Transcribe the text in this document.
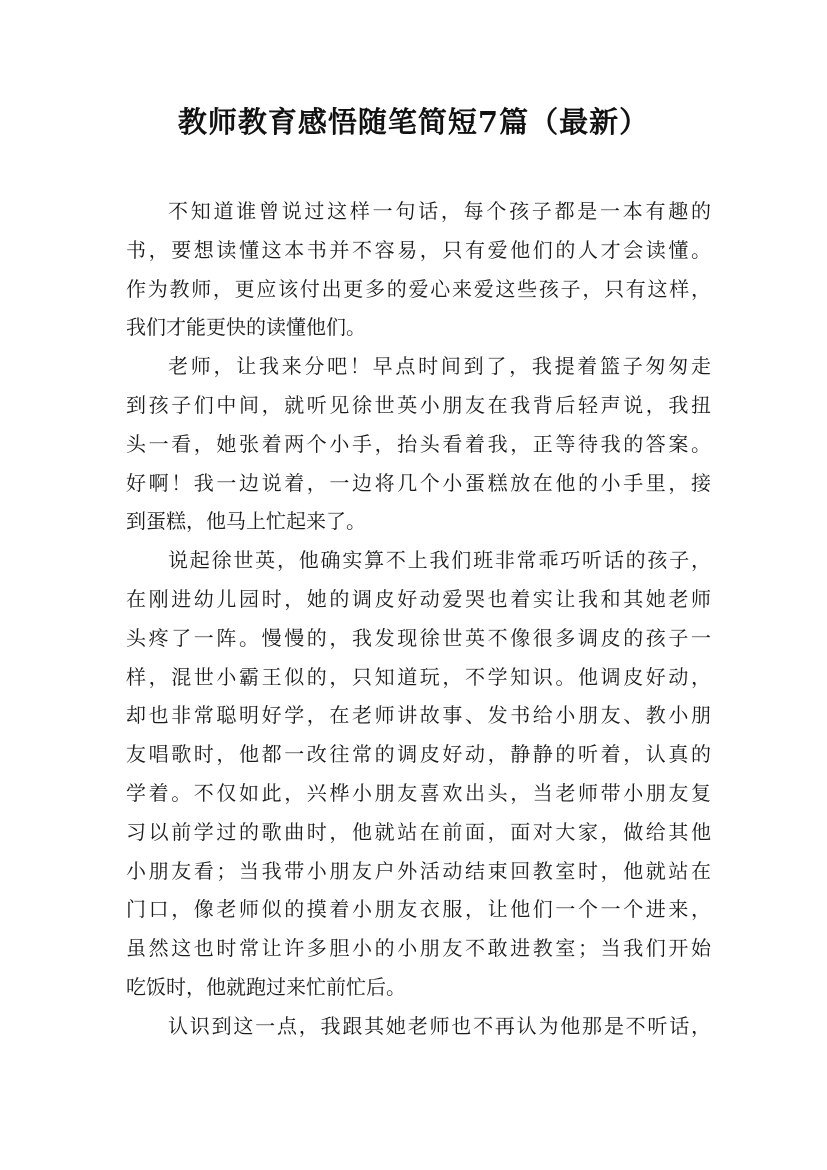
教师教育感悟随笔简短7篇（最新）
不知道谁曾说过这样一句话，每个孩子都是一本有趣的
书，要想读懂这本书并不容易，只有爱他们的人才会读懂。
作为教师，更应该付出更多的爱心来爱这些孩子，只有这样，
我们才能更快的读懂他们。
老师，让我来分吧！早点时间到了，我提着篮子匆匆走
到孩子们中间，就听见徐世英小朋友在我背后轻声说，我扭
头一看，她张着两个小手，抬头看着我，正等待我的答案。
好啊！我一边说着，一边将几个小蛋糕放在他的小手里，接
到蛋糕，他马上忙起来了。
说起徐世英，他确实算不上我们班非常乖巧听话的孩子，
在刚进幼儿园时，她的调皮好动爱哭也着实让我和其她老师
头疼了一阵。慢慢的，我发现徐世英不像很多调皮的孩子一
样，混世小霸王似的，只知道玩，不学知识。他调皮好动，
却也非常聪明好学，在老师讲故事、发书给小朋友、教小朋
友唱歌时，他都一改往常的调皮好动，静静的听着，认真的
学着。不仅如此，兴桦小朋友喜欢出头，当老师带小朋友复
习以前学过的歌曲时，他就站在前面，面对大家，做给其他
小朋友看；当我带小朋友户外活动结束回教室时，他就站在
门口，像老师似的摸着小朋友衣服，让他们一个一个进来，
虽然这也时常让许多胆小的小朋友不敢进教室；当我们开始
吃饭时，他就跑过来忙前忙后。
认识到这一点，我跟其她老师也不再认为他那是不听话，
